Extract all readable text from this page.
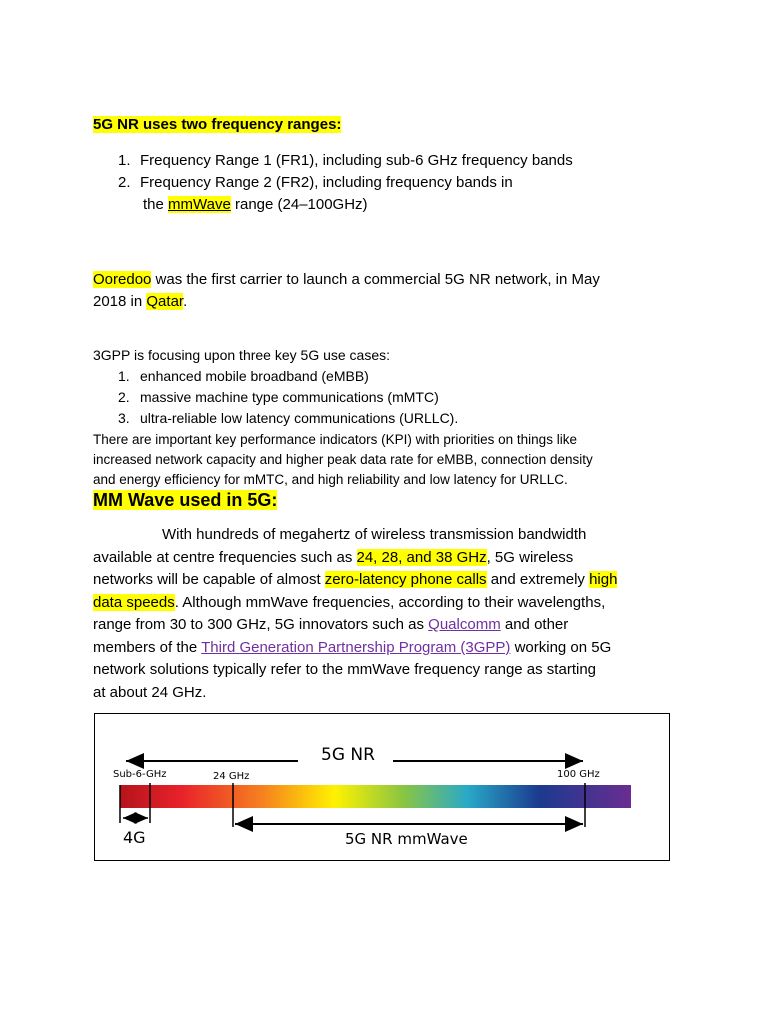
5G NR uses two frequency ranges:
1. Frequency Range 1 (FR1), including sub-6 GHz frequency bands
2. Frequency Range 2 (FR2), including frequency bands in
the mmWave range (24–100GHz)
Ooredoo was the first carrier to launch a commercial 5G NR network, in May
2018 in Qatar.
3GPP is focusing upon three key 5G use cases:
1. enhanced mobile broadband (eMBB)
2. massive machine type communications (mMTC)
3. ultra-reliable low latency communications (URLLC).
There are important key performance indicators (KPI) with priorities on things like
increased network capacity and higher peak data rate for eMBB, connection density
and energy efficiency for mMTC, and high reliability and low latency for URLLC.
MM Wave used in 5G:
With hundreds of megahertz of wireless transmission bandwidth
available at centre frequencies such as 24, 28, and 38 GHz, 5G wireless
networks will be capable of almost zero-latency phone calls and extremely high
data speeds. Although mmWave frequencies, according to their wavelengths,
range from 30 to 300 GHz, 5G innovators such as Qualcomm and other
members of the Third Generation Partnership Program (3GPP) working on 5G
network solutions typically refer to the mmWave frequency range as starting
at about 24 GHz.
5G NR
Sub-6-GHz	24 GHz	100 GHz
4G	5G NR mmWave
